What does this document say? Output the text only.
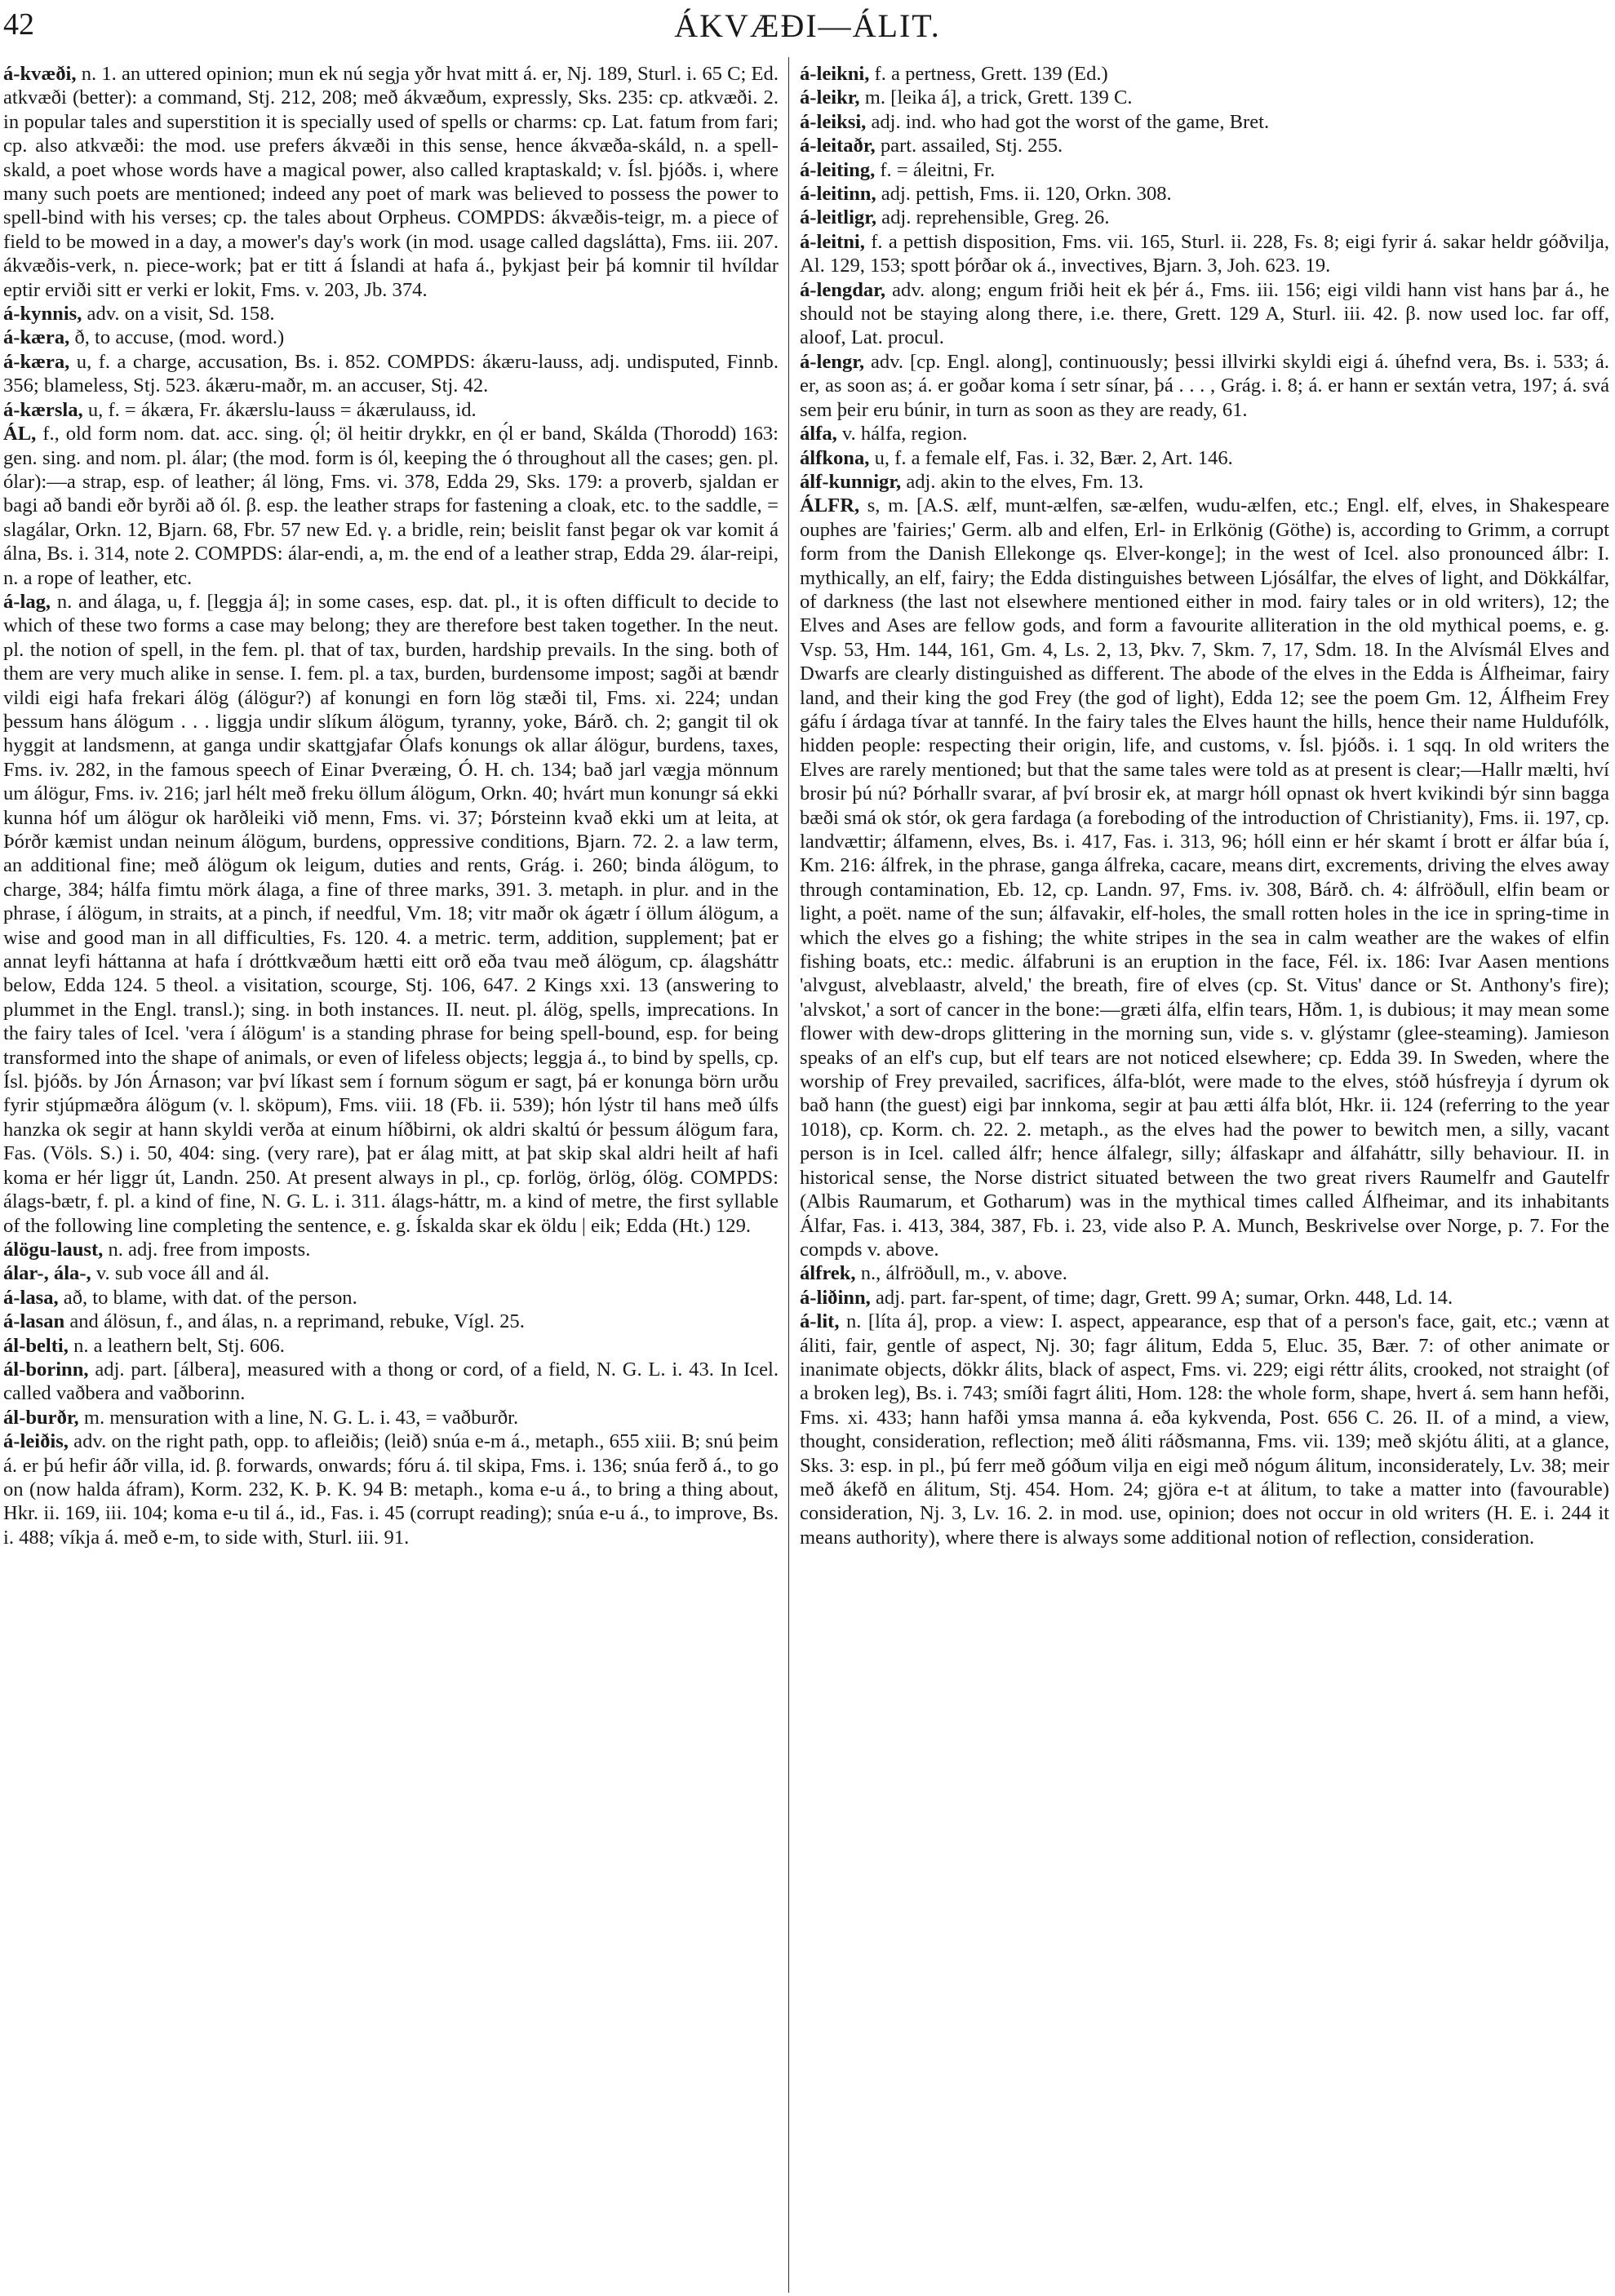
42	ÁKVÆÐI—ÁLIT.

á-kvæði, n. 1. an uttered opinion; mun ek nú segja yðr hvat mitt á. er, Nj. 189, Sturl. i. 65 C; Ed. atkvæði (better): a command, Stj. 212, 208; með ákvæðum, expressly, Sks. 235: cp. atkvæði. 2. in popular tales and superstition it is specially used of spells or charms: cp. Lat. fatum from fari; cp. also atkvæði: the mod. use prefers ákvæði in this sense, hence ákvæða-skáld, n. a spell-skald, a poet whose words have a magical power, also called kraptaskald; v. Ísl. þjóðs. i, where many such poets are mentioned; indeed any poet of mark was believed to possess the power to spell-bind with his verses; cp. the tales about Orpheus. COMPDS: ákvæðis-teigr, m. a piece of field to be mowed in a day, a mower's day's work (in mod. usage called dagslátta), Fms. iii. 207. ákvæðis-verk, n. piece-work; þat er titt á Íslandi at hafa á., þykjast þeir þá komnir til hvíldar eptir erviði sitt er verki er lokit, Fms. v. 203, Jb. 374.

á-kynnis, adv. on a visit, Sd. 158.

á-kæra, ð, to accuse, (mod. word.)

á-kæra, u, f. a charge, accusation, Bs. i. 852. COMPDS: ákæru-lauss, adj. undisputed, Finnb. 356; blameless, Stj. 523. ákæru-maðr, m. an accuser, Stj. 42.

á-kærsla, u, f. = ákæra, Fr. ákærslu-lauss = ákærulauss, id.

ÁL, f., old form nom. dat. acc. sing. ǫ́l; öl heitir drykkr, en ǫ́l er band, Skálda (Thorodd) 163: gen. sing. and nom. pl. álar; (the mod. form is ól, keeping the ó throughout all the cases; gen. pl. ólar):—a strap, esp. of leather; ál löng, Fms. vi. 378, Edda 29, Sks. 179: a proverb, sjaldan er bagi að bandi eðr byrði að ól. β. esp. the leather straps for fastening a cloak, etc. to the saddle, = slagálar, Orkn. 12, Bjarn. 68, Fbr. 57 new Ed. γ. a bridle, rein; beislit fanst þegar ok var komit á álna, Bs. i. 314, note 2. COMPDS: álar-endi, a, m. the end of a leather strap, Edda 29. álar-reipi, n. a rope of leather, etc.

á-lag, n. and álaga, u, f. [leggja á]; in some cases, esp. dat. pl., it is often difficult to decide to which of these two forms a case may belong; they are therefore best taken together. In the neut. pl. the notion of spell, in the fem. pl. that of tax, burden, hardship prevails. In the sing. both of them are very much alike in sense. I. fem. pl. a tax, burden, burdensome impost; sagði at bændr vildi eigi hafa frekari álög (álögur?) af konungi en forn lög stæði til, Fms. xi. 224; undan þessum hans álögum . . . liggja undir slíkum álögum, tyranny, yoke, Bárð. ch. 2; gangit til ok hyggit at landsmenn, at ganga undir skattgjafar Ólafs konungs ok allar álögur, burdens, taxes, Fms. iv. 282, in the famous speech of Einar Þveræing, Ó. H. ch. 134; bað jarl vægja mönnum um álögur, Fms. iv. 216; jarl hélt með freku öllum álögum, Orkn. 40; hvárt mun konungr sá ekki kunna hóf um álögur ok harðleiki við menn, Fms. vi. 37; Þórsteinn kvað ekki um at leita, at Þórðr kæmist undan neinum álögum, burdens, oppressive conditions, Bjarn. 72. 2. a law term, an additional fine; með álögum ok leigum, duties and rents, Grág. i. 260; binda álögum, to charge, 384; hálfa fimtu mörk álaga, a fine of three marks, 391. 3. metaph. in plur. and in the phrase, í álögum, in straits, at a pinch, if needful, Vm. 18; vitr maðr ok ágætr í öllum álögum, a wise and good man in all difficulties, Fs. 120. 4. a metric. term, addition, supplement; þat er annat leyfi háttanna at hafa í dróttkvæðum hætti eitt orð eða tvau með álögum, cp. álagsháttr below, Edda 124. 5 theol. a visitation, scourge, Stj. 106, 647. 2 Kings xxi. 13 (answering to plummet in the Engl. transl.); sing. in both instances. II. neut. pl. álög, spells, imprecations. In the fairy tales of Icel. 'vera í álögum' is a standing phrase for being spell-bound, esp. for being transformed into the shape of animals, or even of lifeless objects; leggja á., to bind by spells, cp. Ísl. þjóðs. by Jón Árnason; var því líkast sem í fornum sögum er sagt, þá er konunga börn urðu fyrir stjúpmæðra álögum (v. l. sköpum), Fms. viii. 18 (Fb. ii. 539); hón lýstr til hans með úlfs hanzka ok segir at hann skyldi verða at einum híðbirni, ok aldri skaltú ór þessum álögum fara, Fas. (Völs. S.) i. 50, 404: sing. (very rare), þat er álag mitt, at þat skip skal aldri heilt af hafi koma er hér liggr út, Landn. 250. At present always in pl., cp. forlög, örlög, ólög. COMPDS: álags-bætr, f. pl. a kind of fine, N. G. L. i. 311. álags-háttr, m. a kind of metre, the first syllable of the following line completing the sentence, e. g. Ískalda skar ek öldu | eik; Edda (Ht.) 129.

álögu-laust, n. adj. free from imposts.

álar-, ála-, v. sub voce áll and ál.

á-lasa, að, to blame, with dat. of the person.

á-lasan and álösun, f., and álas, n. a reprimand, rebuke, Vígl. 25.

ál-belti, n. a leathern belt, Stj. 606.

ál-borinn, adj. part. [álbera], measured with a thong or cord, of a field, N. G. L. i. 43. In Icel. called vaðbera and vaðborinn.

ál-burðr, m. mensuration with a line, N. G. L. i. 43, = vaðburðr.

á-leiðis, adv. on the right path, opp. to afleiðis; (leið) snúa e-m á., metaph., 655 xiii. B; snú þeim á. er þú hefir áðr villa, id. β. forwards, onwards; fóru á. til skipa, Fms. i. 136; snúa ferð á., to go on (now halda áfram), Korm. 232, K. Þ. K. 94 B: metaph., koma e-u á., to bring a thing about, Hkr. ii. 169, iii. 104; koma e-u til á., id., Fas. i. 45 (corrupt reading); snúa e-u á., to improve, Bs. i. 488; víkja á. með e-m, to side with, Sturl. iii. 91.

á-leikni, f. a pertness, Grett. 139 (Ed.)

á-leikr, m. [leika á], a trick, Grett. 139 C.

á-leiksi, adj. ind. who had got the worst of the game, Bret.

á-leitaðr, part. assailed, Stj. 255.

á-leiting, f. = áleitni, Fr.

á-leitinn, adj. pettish, Fms. ii. 120, Orkn. 308.

á-leitligr, adj. reprehensible, Greg. 26.

á-leitni, f. a pettish disposition, Fms. vii. 165, Sturl. ii. 228, Fs. 8; eigi fyrir á. sakar heldr góðvilja, Al. 129, 153; spott þórðar ok á., invectives, Bjarn. 3, Joh. 623. 19.

á-lengdar, adv. along; engum friði heit ek þér á., Fms. iii. 156; eigi vildi hann vist hans þar á., he should not be staying along there, i.e. there, Grett. 129 A, Sturl. iii. 42. β. now used loc. far off, aloof, Lat. procul.

á-lengr, adv. [cp. Engl. along], continuously; þessi illvirki skyldi eigi á. úhefnd vera, Bs. i. 533; á. er, as soon as; á. er goðar koma í setr sínar, þá . . . , Grág. i. 8; á. er hann er sextán vetra, 197; á. svá sem þeir eru búnir, in turn as soon as they are ready, 61.

álfa, v. hálfa, region.

álfkona, u, f. a female elf, Fas. i. 32, Bær. 2, Art. 146.

álf-kunnigr, adj. akin to the elves, Fm. 13.

ÁLFR, s, m. [A.S. ælf, munt-ælfen, sæ-ælfen, wudu-ælfen, etc.; Engl. elf, elves, in Shakespeare ouphes are 'fairies;' Germ. alb and elfen, Erl- in Erlkönig (Göthe) is, according to Grimm, a corrupt form from the Danish Ellekonge qs. Elver-konge]; in the west of Icel. also pronounced álbr: I. mythically, an elf, fairy; the Edda distinguishes between Ljósálfar, the elves of light, and Dökkálfar, of darkness (the last not elsewhere mentioned either in mod. fairy tales or in old writers), 12; the Elves and Ases are fellow gods, and form a favourite alliteration in the old mythical poems, e. g. Vsp. 53, Hm. 144, 161, Gm. 4, Ls. 2, 13, Þkv. 7, Skm. 7, 17, Sdm. 18. In the Alvísmál Elves and Dwarfs are clearly distinguished as different. The abode of the elves in the Edda is Álfheimar, fairy land, and their king the god Frey (the god of light), Edda 12; see the poem Gm. 12, Álfheim Frey gáfu í árdaga tívar at tannfé. In the fairy tales the Elves haunt the hills, hence their name Huldufólk, hidden people: respecting their origin, life, and customs, v. Ísl. þjóðs. i. 1 sqq. In old writers the Elves are rarely mentioned; but that the same tales were told as at present is clear;—Hallr mælti, hví brosir þú nú? Þórhallr svarar, af því brosir ek, at margr hóll opnast ok hvert kvikindi býr sinn bagga bæði smá ok stór, ok gera fardaga (a foreboding of the introduction of Christianity), Fms. ii. 197, cp. landvættir; álfamenn, elves, Bs. i. 417, Fas. i. 313, 96; hóll einn er hér skamt í brott er álfar búa í, Km. 216: álfrek, in the phrase, ganga álfreka, cacare, means dirt, excrements, driving the elves away through contamination, Eb. 12, cp. Landn. 97, Fms. iv. 308, Bárð. ch. 4: álfröðull, elfin beam or light, a poët. name of the sun; álfavakir, elf-holes, the small rotten holes in the ice in spring-time in which the elves go a fishing; the white stripes in the sea in calm weather are the wakes of elfin fishing boats, etc.: medic. álfabruni is an eruption in the face, Fél. ix. 186: Ivar Aasen mentions 'alvgust, alveblaastr, alveld,' the breath, fire of elves (cp. St. Vitus' dance or St. Anthony's fire); 'alvskot,' a sort of cancer in the bone:—græti álfa, elfin tears, Hðm. 1, is dubious; it may mean some flower with dew-drops glittering in the morning sun, vide s. v. glýstamr (glee-steaming). Jamieson speaks of an elf's cup, but elf tears are not noticed elsewhere; cp. Edda 39. In Sweden, where the worship of Frey prevailed, sacrifices, álfa-blót, were made to the elves, stóð húsfreyja í dyrum ok bað hann (the guest) eigi þar innkoma, segir at þau ætti álfa blót, Hkr. ii. 124 (referring to the year 1018), cp. Korm. ch. 22. 2. metaph., as the elves had the power to bewitch men, a silly, vacant person is in Icel. called álfr; hence álfalegr, silly; álfaskapr and álfaháttr, silly behaviour. II. in historical sense, the Norse district situated between the two great rivers Raumelfr and Gautelfr (Albis Raumarum, et Gotharum) was in the mythical times called Álfheimar, and its inhabitants Álfar, Fas. i. 413, 384, 387, Fb. i. 23, vide also P. A. Munch, Beskrivelse over Norge, p. 7. For the compds v. above.

álfrek, n., álfröðull, m., v. above.

á-liðinn, adj. part. far-spent, of time; dagr, Grett. 99 A; sumar, Orkn. 448, Ld. 14.

á-lit, n. [líta á], prop. a view: I. aspect, appearance, esp that of a person's face, gait, etc.; vænn at áliti, fair, gentle of aspect, Nj. 30; fagr álitum, Edda 5, Eluc. 35, Bær. 7: of other animate or inanimate objects, dökkr álits, black of aspect, Fms. vi. 229; eigi réttr álits, crooked, not straight (of a broken leg), Bs. i. 743; smíði fagrt áliti, Hom. 128: the whole form, shape, hvert á. sem hann hefði, Fms. xi. 433; hann hafði ymsa manna á. eða kykvenda, Post. 656 C. 26. II. of a mind, a view, thought, consideration, reflection; með áliti ráðsmanna, Fms. vii. 139; með skjótu áliti, at a glance, Sks. 3: esp. in pl., þú ferr með góðum vilja en eigi með nógum álitum, inconsiderately, Lv. 38; meir með ákefð en álitum, Stj. 454. Hom. 24; gjöra e-t at álitum, to take a matter into (favourable) consideration, Nj. 3, Lv. 16. 2. in mod. use, opinion; does not occur in old writers (H. E. i. 244 it means authority), where there is always some additional notion of reflection, consideration.
